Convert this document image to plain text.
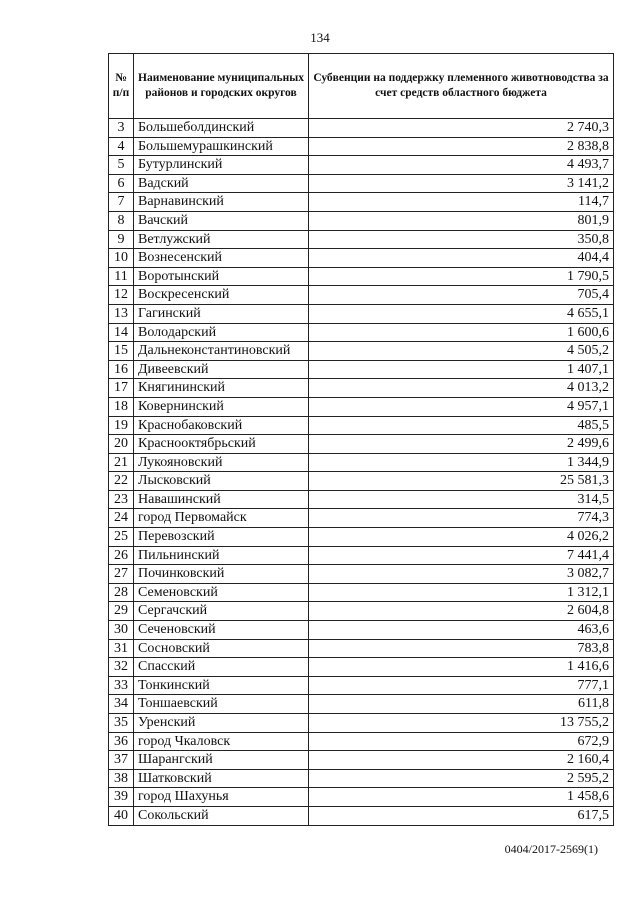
134
№ п/п	Наименование муниципальных районов и городских округов	Субвенции на поддержку племенного животноводства за счет средств областного бюджета
3	Большеболдинский	2 740,3
4	Большемурашкинский	2 838,8
5	Бутурлинский	4 493,7
6	Вадский	3 141,2
7	Варнавинский	114,7
8	Вачский	801,9
9	Ветлужский	350,8
10	Вознесенский	404,4
11	Воротынский	1 790,5
12	Воскресенский	705,4
13	Гагинский	4 655,1
14	Володарский	1 600,6
15	Дальнеконстантиновский	4 505,2
16	Дивеевский	1 407,1
17	Княгининский	4 013,2
18	Ковернинский	4 957,1
19	Краснобаковский	485,5
20	Краснооктябрьский	2 499,6
21	Лукояновский	1 344,9
22	Лысковский	25 581,3
23	Навашинский	314,5
24	город Первомайск	774,3
25	Перевозский	4 026,2
26	Пильнинский	7 441,4
27	Починковский	3 082,7
28	Семеновский	1 312,1
29	Сергачский	2 604,8
30	Сеченовский	463,6
31	Сосновский	783,8
32	Спасский	1 416,6
33	Тонкинский	777,1
34	Тоншаевский	611,8
35	Уренский	13 755,2
36	город Чкаловск	672,9
37	Шарангский	2 160,4
38	Шатковский	2 595,2
39	город Шахунья	1 458,6
40	Сокольский	617,5
0404/2017-2569(1)
